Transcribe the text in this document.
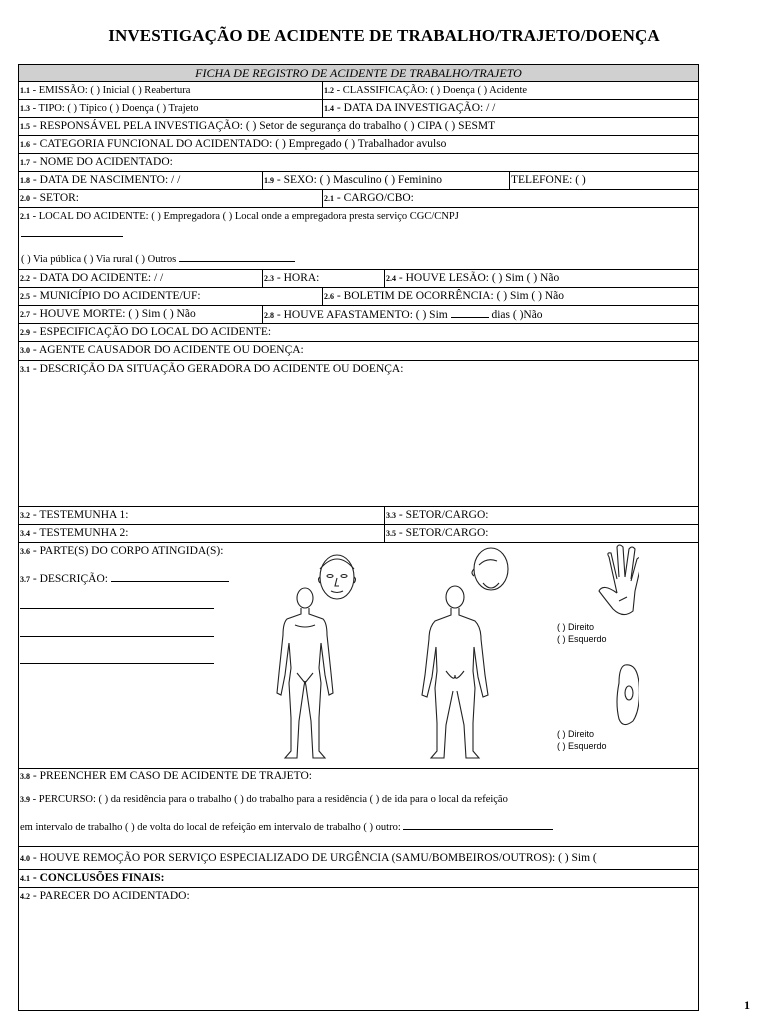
INVESTIGAÇÃO DE ACIDENTE DE TRABALHO/TRAJETO/DOENÇA
FICHA DE REGISTRO DE ACIDENTE DE TRABALHO/TRAJETO
1.1 - EMISSÃO: ( ) Inicial ( ) Reabertura	1.2 - CLASSIFICAÇÃO: ( ) Doença ( ) Acidente
1.3 - TIPO: ( ) Típico ( ) Doença ( ) Trajeto	1.4 - DATA DA INVESTIGAÇÃO: / /
1.5 - RESPONSÁVEL PELA INVESTIGAÇÃO: ( ) Setor de segurança do trabalho ( ) CIPA ( ) SESMT
1.6 - CATEGORIA FUNCIONAL DO ACIDENTADO: ( ) Empregado ( ) Trabalhador avulso
1.7 - NOME DO ACIDENTADO:
1.8 - DATA DE NASCIMENTO: / /	1.9 - SEXO: ( ) Masculino ( ) Feminino	TELEFONE: ( )
2.0 - SETOR:	2.1 - CARGO/CBO:
2.1 - LOCAL DO ACIDENTE: ( ) Empregadora ( ) Local onde a empregadora presta serviço CGC/CNPJ
( ) Via pública ( ) Via rural ( ) Outros
2.2 - DATA DO ACIDENTE: / /	2.3 - HORA:	2.4 - HOUVE LESÃO: ( ) Sim ( ) Não
2.5 - MUNICÍPIO DO ACIDENTE/UF:	2.6 - BOLETIM DE OCORRÊNCIA: ( ) Sim ( ) Não
2.7 - HOUVE MORTE: ( ) Sim ( ) Não	2.8 - HOUVE AFASTAMENTO: ( ) Sim	dias ( )Não
2.9 - ESPECIFICAÇÃO DO LOCAL DO ACIDENTE:
3.0 - AGENTE CAUSADOR DO ACIDENTE OU DOENÇA:
3.1 - DESCRIÇÃO DA SITUAÇÃO GERADORA DO ACIDENTE OU DOENÇA:
3.2 - TESTEMUNHA 1:	3.3 - SETOR/CARGO:
3.4 - TESTEMUNHA 2:	3.5 - SETOR/CARGO:
3.6 - PARTE(S) DO CORPO ATINGIDA(S):
3.7 - DESCRIÇÃO:
( ) Direito
( ) Esquerdo
( ) Direito
( ) Esquerdo
3.8 - PREENCHER EM CASO DE ACIDENTE DE TRAJETO:
3.9 - PERCURSO: ( ) da residência para o trabalho ( ) do trabalho para a residência ( ) de ida para o local da refeição
em intervalo de trabalho ( ) de volta do local de refeição em intervalo de trabalho ( ) outro:
4.0 - HOUVE REMOÇÃO POR SERVIÇO ESPECIALIZADO DE URGÊNCIA (SAMU/BOMBEIROS/OUTROS): ( ) Sim (
4.1 - CONCLUSÕES FINAIS:
4.2 - PARECER DO ACIDENTADO:
1
